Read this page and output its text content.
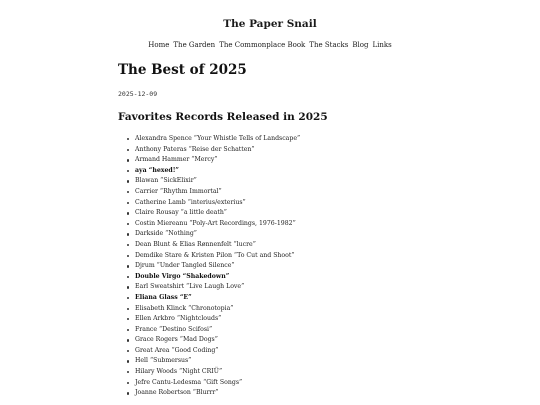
The Paper Snail
Home The Garden The Commonplace Book The Stacks Blog Links
The Best of 2025
2025-12-09
Favorites Records Released in 2025
Alexandra Spence “Your Whistle Tells of Landscape”
Anthony Pateras “Reise der Schatten”
Armand Hammer “Mercy”
aya “hexed!”
Blawan “SickElixir”
Carrier “Rhythm Immortal”
Catherine Lamb “interius/exterius”
Claire Rousay “a little death”
Costin Miereanu “Poly-Art Recordings, 1976-1982”
Darkside “Nothing”
Dean Blunt & Elias Rønnenfelt “lucre”
Demdike Stare & Kristen Pilon “To Cut and Shoot”
Djrum “Under Tangled Silence”
Double Virgo “Shakedown”
Earl Sweatshirt “Live Laugh Love”
Eliana Glass “E”
Elisabeth Klinck “Chronotopia”
Ellen Arkbro “Nightclouds”
France “Destino Scifosi”
Grace Rogers “Mad Dogs”
Great Area “Good Coding”
Hell “Submersus”
Hilary Woods “Night CRIÜ”
Jefre Cantu-Ledesma “Gift Songs”
Joanne Robertson “Blurrr”
